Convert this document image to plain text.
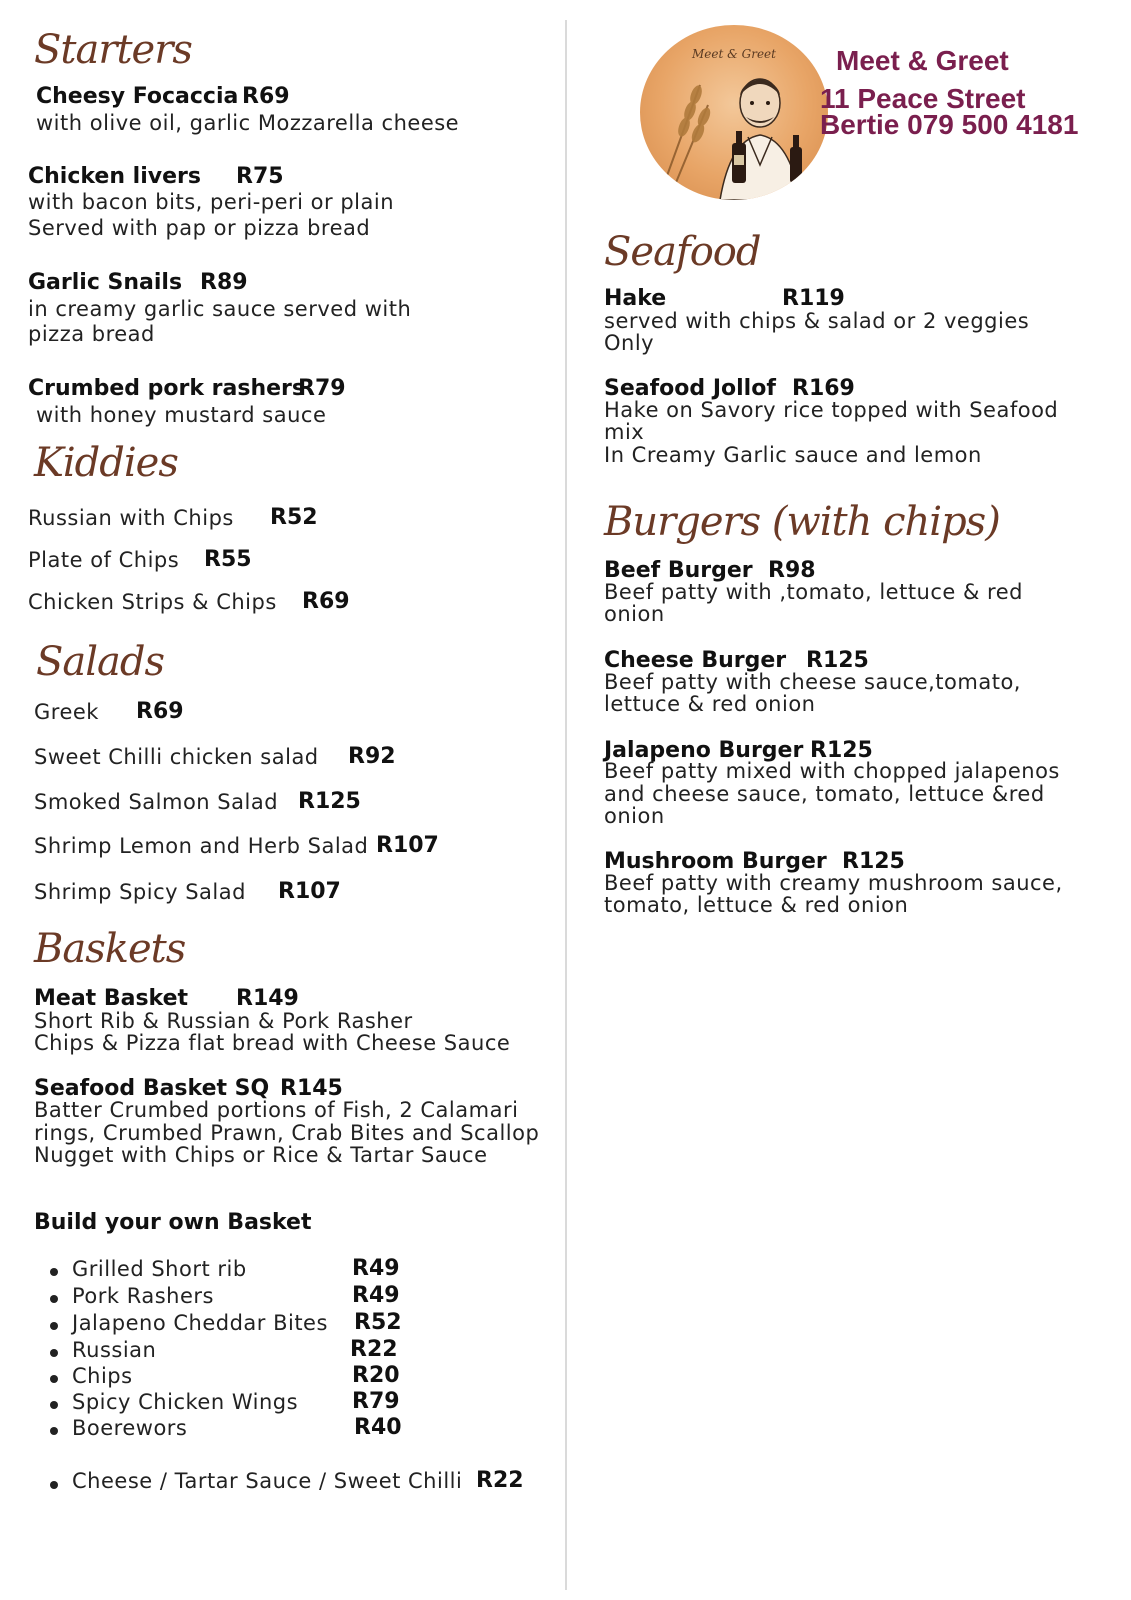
Starters
Cheesy Focaccia R69
with olive oil, garlic Mozzarella cheese
Chicken livers R75
with bacon bits, peri-peri or plain
Served with pap or pizza bread
Garlic Snails R89
in creamy garlic sauce served with
pizza bread
Crumbed pork rashers
R79
with honey mustard sauce
Kiddies
Russian with Chips R52
Plate of Chips R55
Chicken Strips & Chips R69
Salads
Greek R69
Sweet Chilli chicken salad R92
Smoked Salmon Salad R125
Shrimp Lemon and Herb Salad R107
Shrimp Spicy Salad R107
Baskets
Meat Basket R149
Short Rib & Russian & Pork Rasher
Chips & Pizza flat bread with Cheese Sauce
Seafood Basket SQ R145
Batter Crumbed portions of Fish, 2 Calamari
rings, Crumbed Prawn, Crab Bites and Scallop
Nugget with Chips or Rice & Tartar Sauce
Build your own Basket
Grilled Short rib	R49
Pork Rashers	R49
Jalapeno Cheddar Bites R52
Russian	R22
Chips	R20
Spicy Chicken Wings R79
Boerewors	R40
Cheese / Tartar Sauce / Sweet Chilli R22
Meet & Greet	Meet & Greet
11 Peace Street
Bertie 079 500 4181
Seafood
Hake	R119
served with chips & salad or 2 veggies
Only
Seafood Jollof R169
Hake on Savory rice topped with Seafood
mix
In Creamy Garlic sauce and lemon
Burgers (with chips)
Beef Burger R98
Beef patty with ,tomato, lettuce & red
onion
Cheese Burger R125
Beef patty with cheese sauce,tomato,
lettuce & red onion
Jalapeno Burger R125
Beef patty mixed with chopped jalapenos
and cheese sauce, tomato, lettuce &red
onion
Mushroom Burger R125
Beef patty with creamy mushroom sauce,
tomato, lettuce & red onion
